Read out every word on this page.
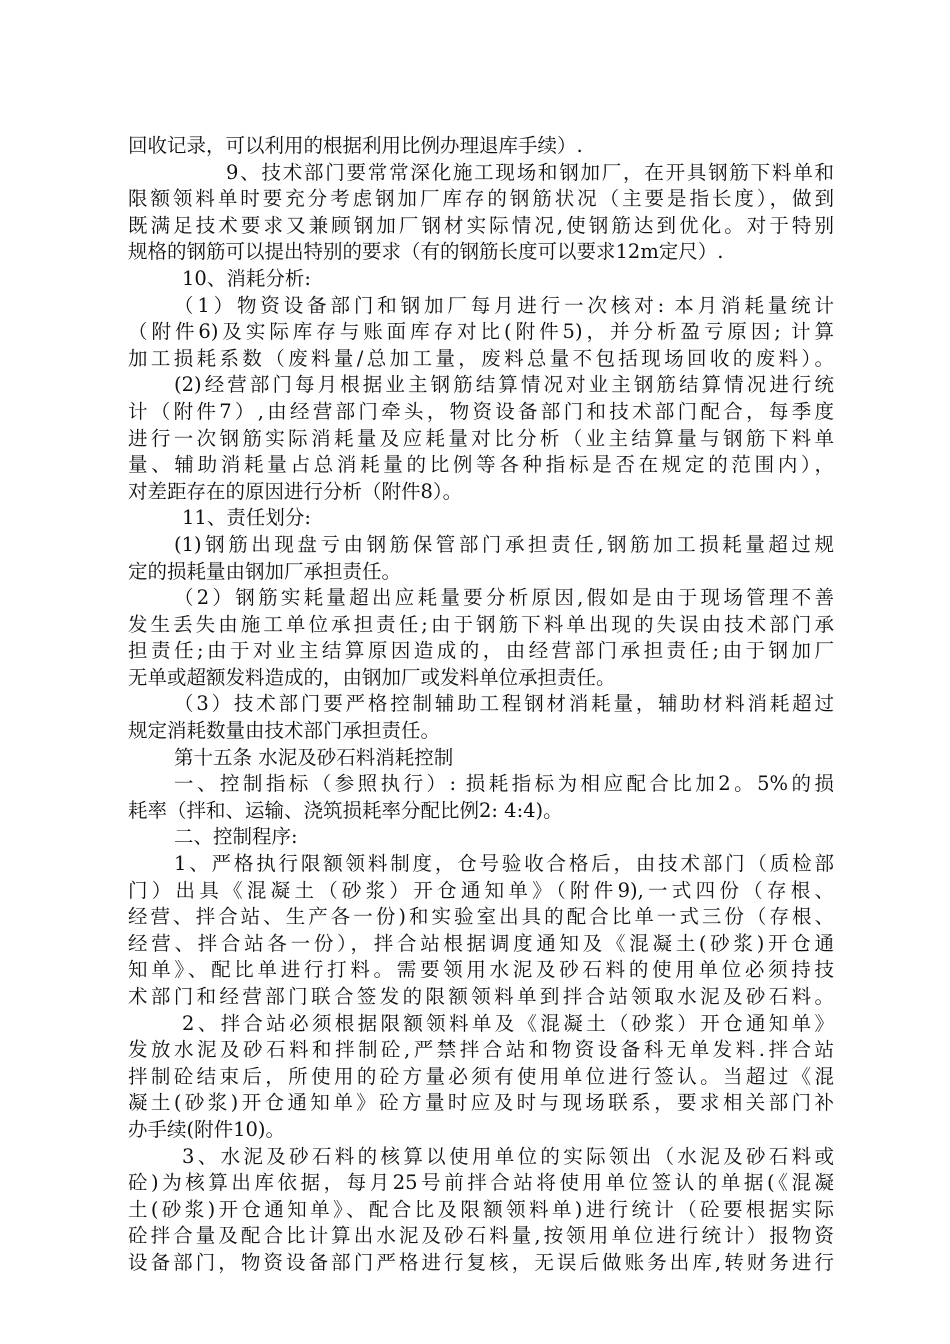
回收记录，可以利用的根据利用比例办理退库手续）.
9、技术部门要常常深化施工现场和钢加厂，在开具钢筋下料单和
限额领料单时要充分考虑钢加厂库存的钢筋状况（主要是指长度），做到
既满足技术要求又兼顾钢加厂钢材实际情况,使钢筋达到优化。对于特别
规格的钢筋可以提出特别的要求（有的钢筋长度可以要求12m定尺）.
10、消耗分析:
（1）物资设备部门和钢加厂每月进行一次核对: 本月消耗量统计
（附件6)及实际库存与账面库存对比(附件5)，并分析盈亏原因; 计算
加工损耗系数（废料量/总加工量，废料总量不包括现场回收的废料）。
(2)经营部门每月根据业主钢筋结算情况对业主钢筋结算情况进行统
计（附件7）,由经营部门牵头，物资设备部门和技术部门配合，每季度
进行一次钢筋实际消耗量及应耗量对比分析（业主结算量与钢筋下料单
量、辅助消耗量占总消耗量的比例等各种指标是否在规定的范围内），
对差距存在的原因进行分析（附件8）。
11、责任划分:
(1)钢筋出现盘亏由钢筋保管部门承担责任,钢筋加工损耗量超过规
定的损耗量由钢加厂承担责任。
（2）钢筋实耗量超出应耗量要分析原因,假如是由于现场管理不善
发生丢失由施工单位承担责任;由于钢筋下料单出现的失误由技术部门承
担责任;由于对业主结算原因造成的，由经营部门承担责任;由于钢加厂
无单或超额发料造成的，由钢加厂或发料单位承担责任。
（3）技术部门要严格控制辅助工程钢材消耗量，辅助材料消耗超过
规定消耗数量由技术部门承担责任。
第十五条 水泥及砂石料消耗控制
一、控制指标（参照执行）: 损耗指标为相应配合比加2。5%的损
耗率（拌和、运输、浇筑损耗率分配比例2: 4:4)。
二、控制程序:
1、严格执行限额领料制度，仓号验收合格后，由技术部门（质检部
门）出具《混凝土（砂浆）开仓通知单》（附件9),一式四份（存根、
经营、拌合站、生产各一份)和实验室出具的配合比单一式三份（存根、
经营、拌合站各一份），拌合站根据调度通知及《混凝土(砂浆)开仓通
知单》、配比单进行打料。需要领用水泥及砂石料的使用单位必须持技
术部门和经营部门联合签发的限额领料单到拌合站领取水泥及砂石料。
2、拌合站必须根据限额领料单及《混凝土（砂浆）开仓通知单》
发放水泥及砂石料和拌制砼,严禁拌合站和物资设备科无单发料.拌合站
拌制砼结束后，所使用的砼方量必须有使用单位进行签认。当超过《混
凝土(砂浆)开仓通知单》砼方量时应及时与现场联系，要求相关部门补
办手续(附件10)。
3、水泥及砂石料的核算以使用单位的实际领出（水泥及砂石料或
砼)为核算出库依据，每月25号前拌合站将使用单位签认的单据(《混凝
土(砂浆)开仓通知单》、配合比及限额领料单)进行统计（砼要根据实际
砼拌合量及配合比计算出水泥及砂石料量,按领用单位进行统计）报物资
设备部门，物资设备部门严格进行复核，无误后做账务出库,转财务进行
